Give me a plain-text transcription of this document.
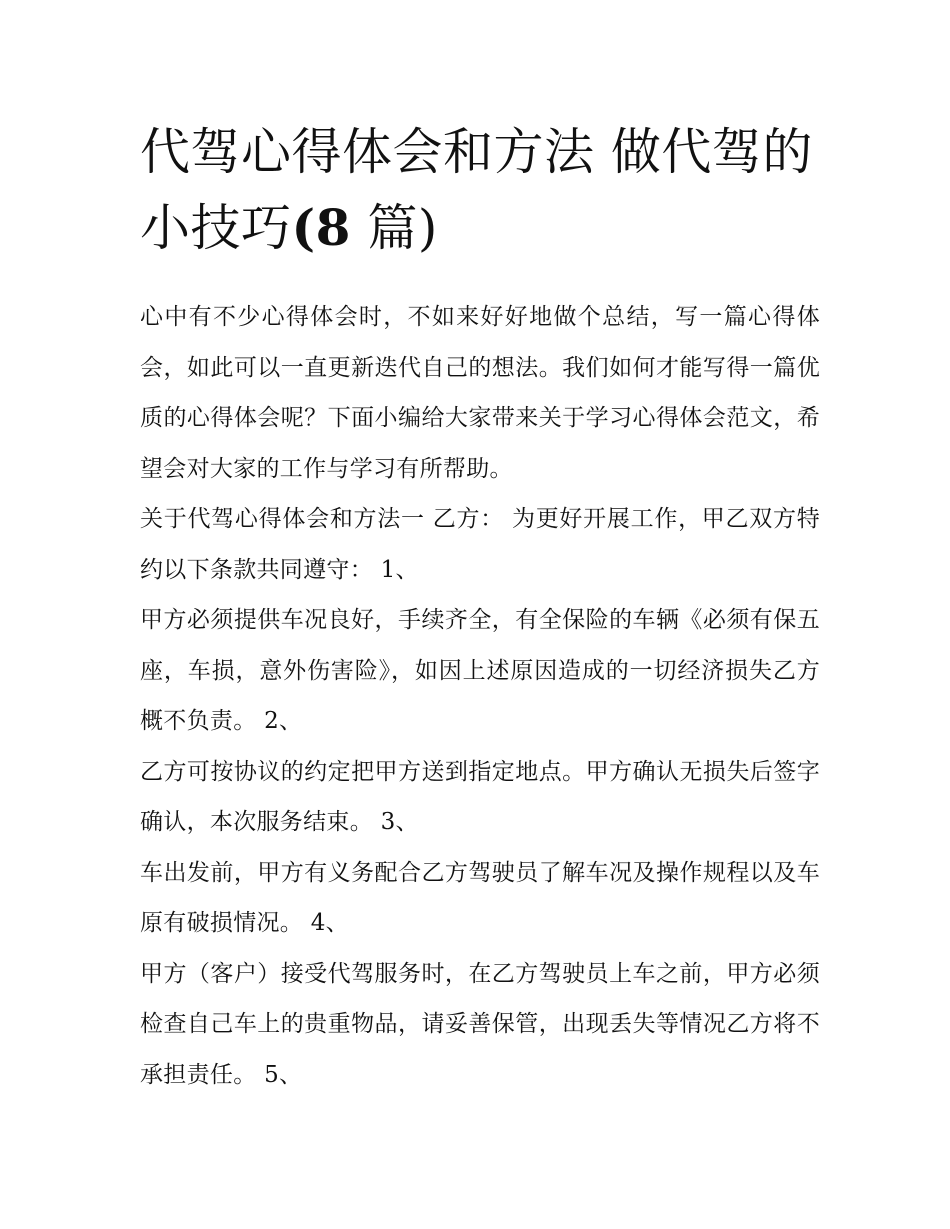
代驾心得体会和方法 做代驾的小技巧(8 篇)

心中有不少心得体会时，不如来好好地做个总结，写一篇心得体会，如此可以一直更新迭代自己的想法。我们如何才能写得一篇优质的心得体会呢？下面小编给大家带来关于学习心得体会范文，希望会对大家的工作与学习有所帮助。

关于代驾心得体会和方法一 乙方： 为更好开展工作，甲乙双方特约以下条款共同遵守： 1、

甲方必须提供车况良好，手续齐全，有全保险的车辆《必须有保五座，车损，意外伤害险》，如因上述原因造成的一切经济损失乙方概不负责。 2、

乙方可按协议的约定把甲方送到指定地点。甲方确认无损失后签字确认，本次服务结束。 3、

车出发前，甲方有义务配合乙方驾驶员了解车况及操作规程以及车原有破损情况。 4、

甲方（客户）接受代驾服务时，在乙方驾驶员上车之前，甲方必须检查自己车上的贵重物品，请妥善保管，出现丢失等情况乙方将不承担责任。 5、
